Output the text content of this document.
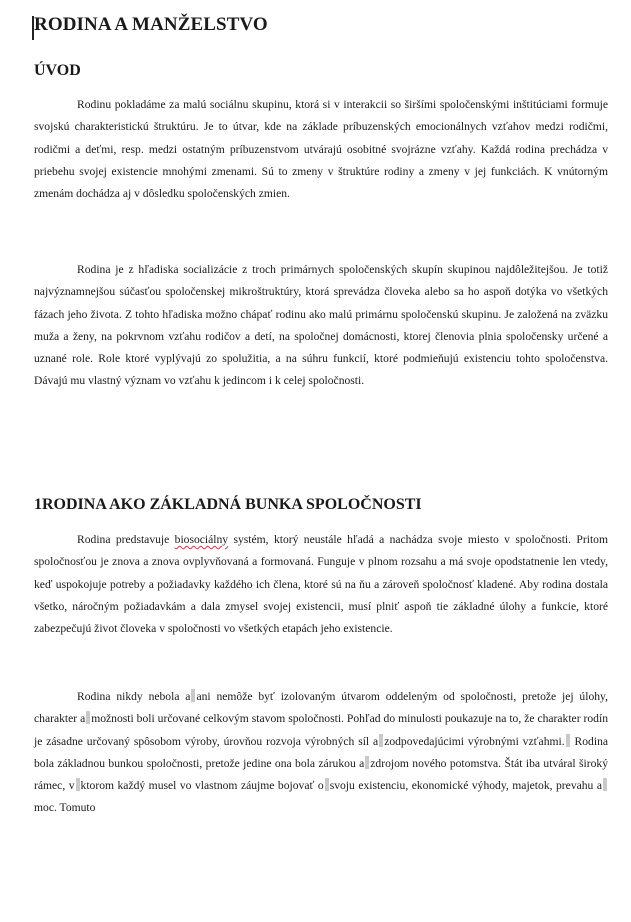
RODINA A MANŽELSTVO
ÚVOD

Rodinu pokladáme za malú sociálnu skupinu, ktorá si v interakcii so širšími spoločenskými inštitúciami formuje svojskú charakteristickú štruktúru. Je to útvar, kde na základe príbuzenských emocionálnych vzťahov medzi rodičmi, rodičmi a deťmi, resp. medzi ostatným príbuzenstvom utvárajú osobitné svojrázne vzťahy. Každá rodina prechádza v priebehu svojej existencie mnohými zmenami. Sú to zmeny v štruktúre rodiny a zmeny v jej funkciách. K vnútorným zmenám dochádza aj v dôsledku spoločenských zmien.

Rodina je z hľadiska socializácie z troch primárnych spoločenských skupín skupinou najdôležitejšou. Je totiž najvýznamnejšou súčasťou spoločenskej mikroštruktúry, ktorá sprevádza človeka alebo sa ho aspoň dotýka vo všetkých fázach jeho života. Z tohto hľadiska možno chápať rodinu ako malú primárnu spoločenskú skupinu. Je založená na zväzku muža a ženy, na pokrvnom vzťahu rodičov a detí, na spoločnej domácnosti, ktorej členovia plnia spoločensky určené a uznané role. Role ktoré vyplývajú zo spolužitia, a na súhru funkcií, ktoré podmieňujú existenciu tohto spoločenstva. Dávajú mu vlastný význam vo vzťahu k jedincom i k celej spoločnosti.

1RODINA AKO ZÁKLADNÁ BUNKA SPOLOČNOSTI

Rodina predstavuje biosociálny systém, ktorý neustále hľadá a nachádza svoje miesto v spoločnosti. Pritom spoločnosťou je znova a znova ovplyvňovaná a formovaná. Funguje v plnom rozsahu a má svoje opodstatnenie len vtedy, keď uspokojuje potreby a požiadavky každého ich člena, ktoré sú na ňu a zároveň spoločnosť kladené. Aby rodina dostala všetko, náročným požiadavkám a dala zmysel svojej existencii, musí plniť aspoň tie základné úlohy a funkcie, ktoré zabezpečujú život človeka v spoločnosti vo všetkých etapách jeho existencie.

Rodina nikdy nebola a ani nemôže byť izolovaným útvarom oddeleným od spoločnosti, pretože jej úlohy, charakter a možnosti boli určované celkovým stavom spoločnosti. Pohľad do minulosti poukazuje na to, že charakter rodín je zásadne určovaný spôsobom výroby, úrovňou rozvoja výrobných síl a zodpovedajúcimi výrobnými vzťahmi. Rodina bola základnou bunkou spoločnosti, pretože jedine ona bola zárukou a zdrojom nového potomstva. Štát iba utváral široký rámec, v ktorom každý musel vo vlastnom záujme bojovať o svoju existenciu, ekonomické výhody, majetok, prevahu amoc. Tomuto
